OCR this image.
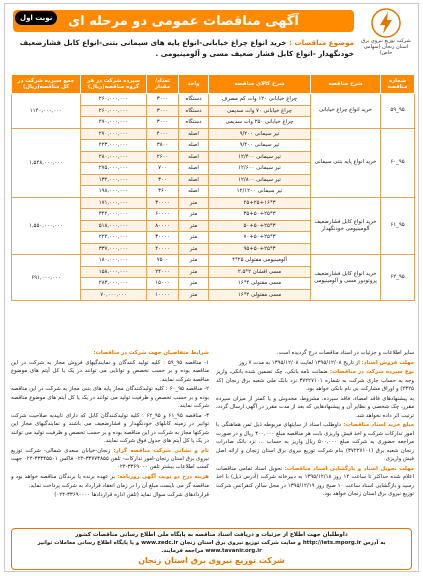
شرکت توزیع نیروی برق استان زنجان (سهامی خاص)
آگهی مناقصات عمومی دو مرحله ای
نوبت اول
موضوع مناقصات : خرید انواع چراغ خیابانی-انواع پایه های سیمانی بتنی-انواع کابل فشارضعیف خودنگهدار -انواع کابل فشار ضعیف مسی و آلومینیومی .
شماره مناقصه	شرح مناقصه	شرح کالای مناقصه	واحد	تعداد/ مقدار	سپرده شرکت در هر گروه مناقصه(ریال)	جمع سپرده شرکت در کل مناقصه(ریال)
۹۵_۵۹	خرید انواع چراغ خیابانی	چراغ خیابانی ۱۲۰ وات کم مصرف	دستگاه	۳۰۰۰	۲۶۰,۰۰۰,۰۰۰	۱۱۴۰,۰۰۰,۰۰۰
		چراغ خیابانی ۷۰ وات سدیمی	دستگاه	۳۰۰۰	۲۶۰,۰۰۰,۰۰۰	
		چراغ خیابانی ۲۵۰ وات سدیمی	دستگاه	۳۰۰۰	۴۷۰,۰۰۰,۰۰۰	
۹۵_۶۰	خرید انواع پایه بتنی سیمانی	تیر سیمانی ۹/۲۰۰	اصله	۴۰۰۰	۲۷۰,۰۰۰,۰۰۰	۱,۵۴۸,۰۰۰,۰۰۰
		تیر سیمانی ۹/۴۰۰	اصله	۳۸۰۰	۴۲۳,۰۰۰,۰۰۰	
		تیر سیمانی ۱۲/۴۰۰	اصله	۲۶۰۰	۲۸۰,۰۰۰,۰۰۰	
		تیر سیمانی ۱۲/۶۰۰	اصله	۷۰۰	۲۷۵,۰۰۰,۰۰۰	
		تیر سیمانی ۱۲/۸۰۰	اصله	۳۰۰	۱۳۲,۰۰۰,۰۰۰	
		تیر سیمانی ۱۲/۱۲۰۰	اصله	۳۶۰	۱۹۸,۰۰۰,۰۰۰	
۹۵_۶۱	خرید انواع کابل فشارضعیف آلومینیومی خودنگهدار	۳*۲۵+۲۵+۱۶	متر	۳۰۰۰۰	۱۷۱,۰۰۰,۰۰۰	۱,۵۵۰,۰۰۰,۰۰۰
		۳*۳۵+۵۰+۲۵	متر	۶۰۰۰۰	۳۴۲,۰۰۰,۰۰۰	
		۳*۵۰+۵۰+۲۵	متر	۸۰۰۰۰	۵۱۸,۰۰۰,۰۰۰	
		۳*۷۰+۵۰+۲۵	متر	۳۰۰۰۰	۲۲۲,۰۰۰,۰۰۰	
		۳*۹۵+۵۰+۲۵	متر	۴۰۰۰۰	۳۳۷,۰۰۰,۰۰۰	
۹۵_۶۲	خرید انواع کابل فشارضعیف پروتودور مسی و آلومینیومی	آلومینیومی مفتولی ۲۵*۴	متر	۷۵۰۰	۱۸۰,۰۰۰,۰۰۰	۶۹۱,۰۰۰,۰۰۰
		مسی افشان ۲*۲.۵	متر	۲۴۰۰۰	۱۵۸,۰۰۰,۰۰۰	
		مسی مفتولی ۴*۱۶	متر	۱۵۰۰۰	۲۸۳,۰۰۰,۰۰۰	
		مسی مفتولی ۲*۱۶	متر	۱۰۰۰۰	۷۰,۰۰۰,۰۰۰	

سایر اطلاعات و جزئیات در اسناد مناقصات درج گردیده است.

مهلت فروش اسناد: از تاریخ ۱۳۹۵/۱۲/۰۸ لغایت ۱۳۹۵/۱۲/۰۸ به مدت ۷ روز

نوع سپرده شرکت در مناقصات: ضمانت نامه بانکی، چک تضمین شده بانکی، واریز وجه به حساب جاری شرکت به شماره ۳۷۲۲۷۱۰۱ نزد بانک ملی شعبه برق زنجان (کد ۲۳۲۵) و اوراق مشارکت بی نام بانکی خواهد بود.

به پیشنهادهای فاقد امضاء، فاقد سپرده، مشروط، مخدوش و یا کمتر از میزان سپرده مقرر، چک شخصی و نظایر آن و پیشنهادهایی که بعد از مدت مقرر در آگهی ارسال گردد، ترتیب اثر داده نخواهد شد.

مبلغ خرید اسناد مناقصات: داوطلب اسناد از سایتهای مربوطه ذیل ثمن هماهنگی با امور تدارکات شرکت و اخذ فیش واریزی بابت هر مناقصه مبلغ ۴۰۰,۰۰۰ ریال و در صورت مراجعه حضوری به شرکت مبلغ ۵۰۰,۰۰۰ ریال واریز به حساب ... نزد بانک صادرات زنجان شعبه برق (۳۷۲۲۷۱۰۱) بنام شرکت توزیع نیروی برق استان زنجان و ارائه اصل فیش واریزی.

مهلت تحویل اسناد و بازگشایی اسناد مناقصات: تحویل اسناد تمامی مناقصات اعلام شده حداکثر تا ساعت ۱۴ روز ۱۳۹۵/۱۲/۱۸ به دبیرخانه شرکت (آدرس ذیل) با اخذ رسید و بازگشایی اسناد ساعت ۱۰ صبح روز ۱۳۹۵/۱۲/۱۹ در محل سالن کنفرانس شرکت توزیع نیروی برق استان زنجان خواهد بود.

شرایط متقاضیان جهت شرکت در مناقصات:

۱- مناقصه ۹۵_۵۹ : کلیه تولید کنندگان و نمایندگیهای فروش مجاز به شرکت در این مناقصه بوده و بر حسب تخصص و توانایی می توانند در یک یا کل آیتم های موضوع مناقصه شرکت نمایند.

۲- مناقصه ۹۵_۶۰ : کلیه تولیدکنندگان مجاز پایه های بتنی مجاز به شرکت در این مناقصه بوده و بر حسب تخصص و ظرفیت تولید می توانند در یک یا کل آیتم های موضوع مناقصه شرکت نمایند.

۳- مناقصه ۹۵_۶۱ و ۹۵_۶۲ : کلیه تولیدکنندگان کابل که دارای تاییدیه صلاحیت شرکت توانیر در زمینه کابلهای خودنگهدار و فشارضعیف می باشند و نمایندگیهای مجاز این شرکتها مجاز به شرکت در این مناقصه بوده و بر حسب تخصص و ظرفیت تولید می توانند در یک یا کل آیتم های جدول فوق شرکت نمایند.

نام و نشانی شرکت مناقصه گزار: زنجان-خیابان سعدی شمالی- شرکت توزیع نیروی برق استان زنجان-امور تدارکات- تلفن ۳۳۷۷۳۸۵۵-۰۲۴ فاکس ۳۳۳۴۵۵۰۱-۰۲۴ جهت کسب اطلاعات بیشتر تلفن ۳۳۶۹۰۰۰-۰۲۴

هزینه درج دو نوبت آگهی روزنامه: بر عهده برنده یا برندگان مناقصه خواهد بود و مناقصه گر می بایست مبلغ آن را در زمان انعقاد قرارداد به شرکت پرداخت نماید.

قراردادهای شرکت سوال نماید (تلفن اداره قراردادها ۳۳۶۹۰۰۰۰-۰۲۴)

داوطلبان جهت اطلاع از جزئیات و دریافت اسناد مناقصه به پایگاه ملی اطلاع رسانی مناقصات کشور
به آدرس http://iets.mporg.ir و سایت شرکت توزیع نیروی برق استان زنجان www.zedc.ir و یا پایگاه اطلاع رسانی معاملات توانیر www.tavanir.org.ir مراجعه فرمایند.
شرکت توزیع نیروی برق استان زنجان
